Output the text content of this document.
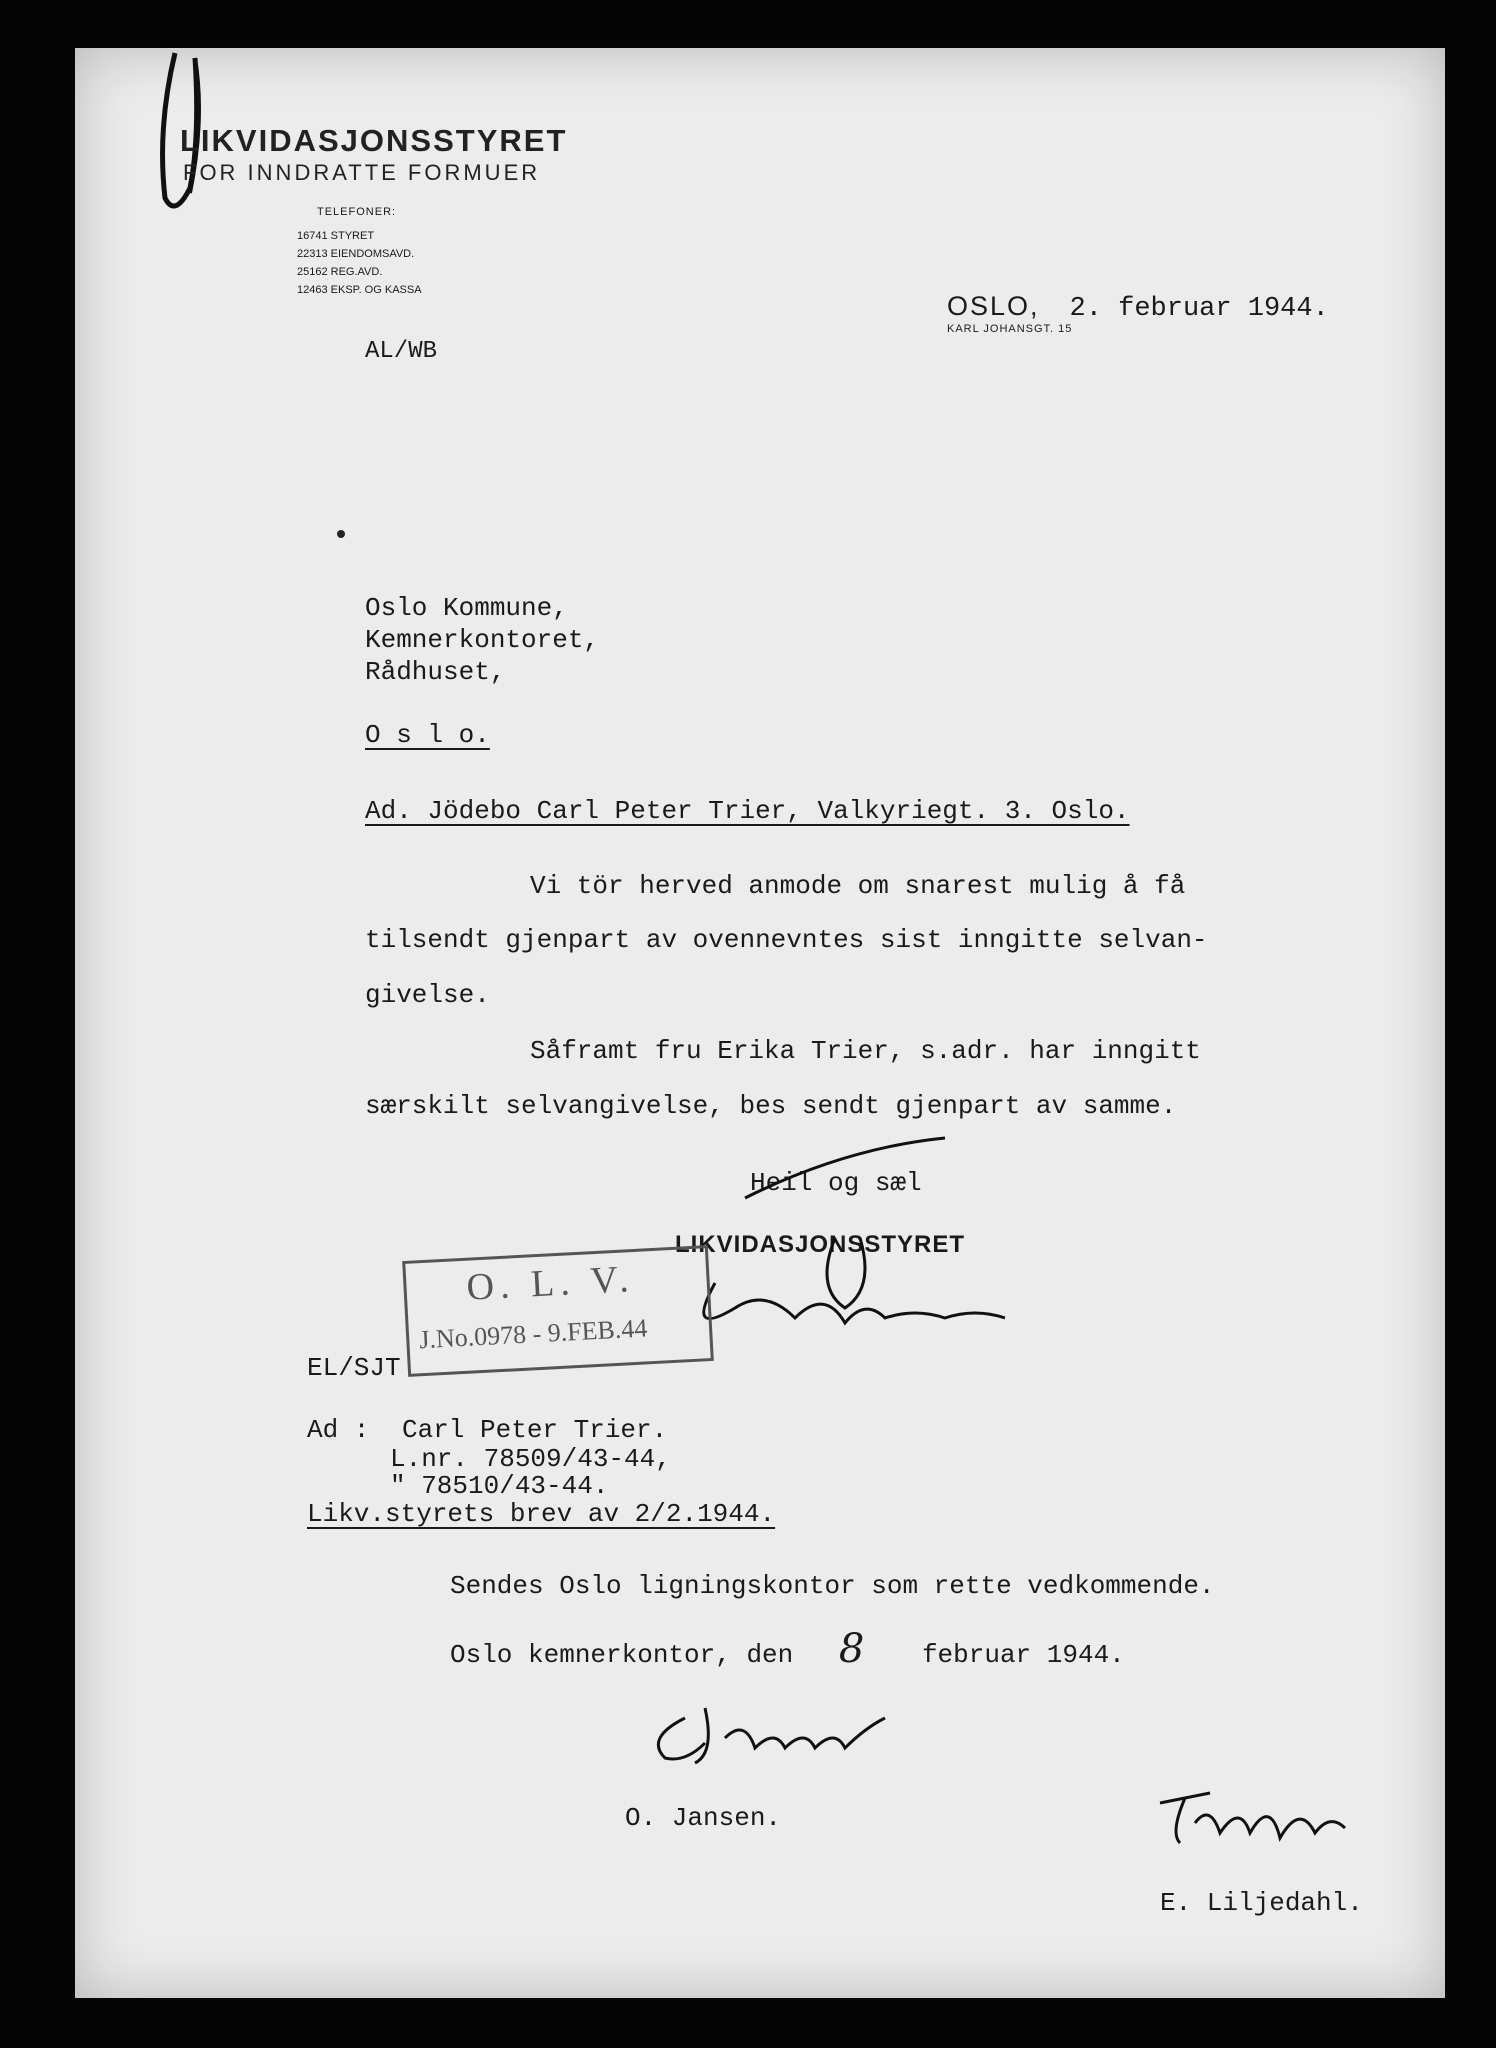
LIKVIDASJONSSTYRET
FOR INNDRATTE FORMUER
TELEFONER:
16741 STYRET
22313 EIENDOMSAVD.
25162 REG.AVD.
12463 EKSP. OG KASSA
OSLO, 2. februar 1944.
KARL JOHANSGT. 15
AL/WB
Oslo Kommune,
Kemnerkontoret,
Rådhuset,
O s l o.
Ad. Jödebo Carl Peter Trier, Valkyriegt. 3. Oslo.
Vi tör herved anmode om snarest mulig å få
tilsendt gjenpart av ovennevntes sist inngitte selvan-
givelse.
Såframt fru Erika Trier, s.adr. har inngitt
særskilt selvangivelse, bes sendt gjenpart av samme.
Heil og sæl
LIKVIDASJONSSTYRET
O. L. V.
J.No.0978 - 9.FEB.44
EL/SJT
Ad : Carl Peter Trier.
L.nr. 78509/43-44,
" 78510/43-44.
Likv.styrets brev av 2/2.1944.
Sendes Oslo ligningskontor som rette vedkommende.
Oslo kemnerkontor, den 8 februar 1944.
O. Jansen.
E. Liljedahl.
